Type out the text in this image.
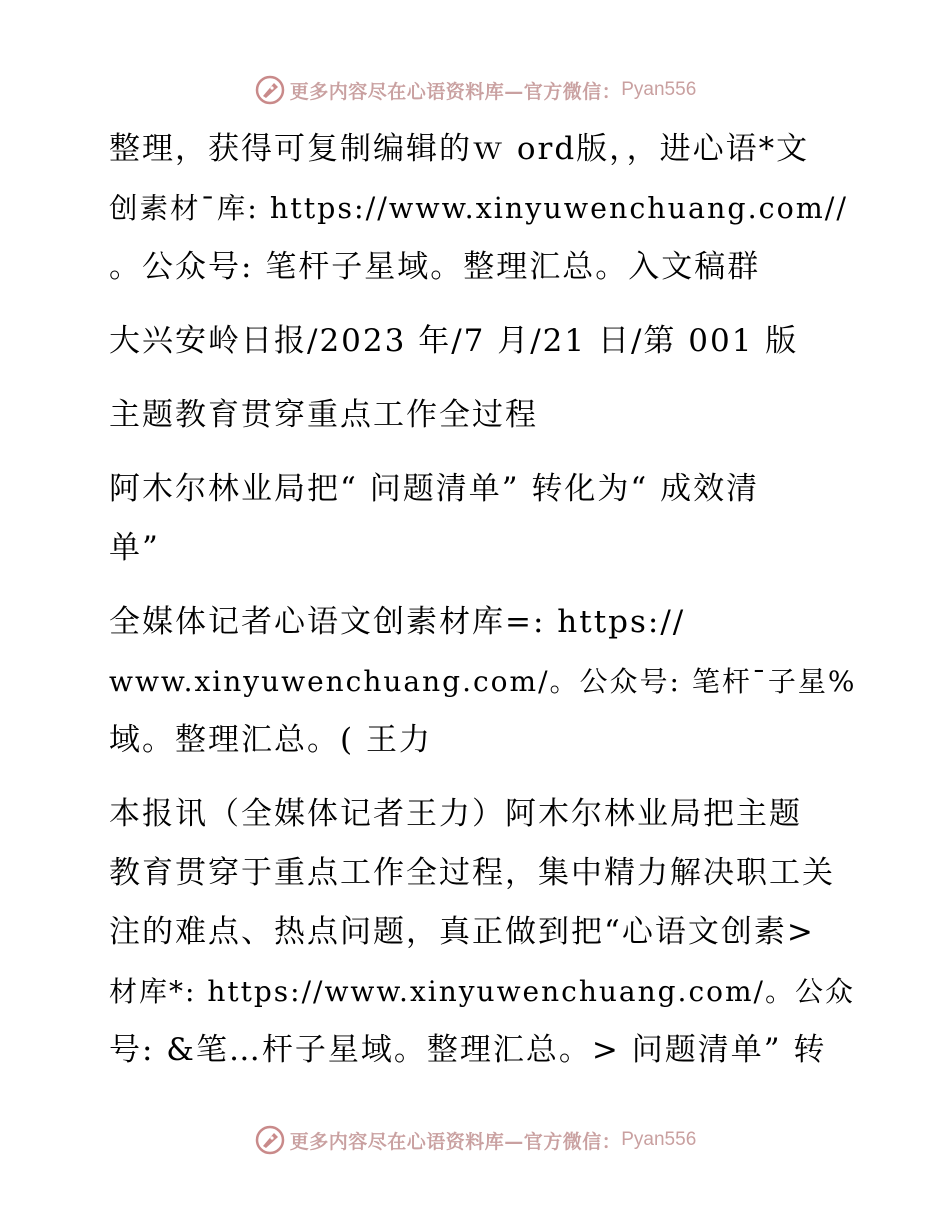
更多内容尽在心语资料库—官方微信： Pyan556

整理，获得可复制编辑的ｗ ord版，，进心语*文
创素材¯库: https://www.xinyuwenchuang.com//
。公众号: 笔杆子星域。整理汇总。入文稿群

大兴安岭日报/2023 年/7 月/21 日/第 001 版

主题教育贯穿重点工作全过程

阿木尔林业局把“ 问题清单” 转化为“ 成效清
单”

全媒体记者心语文创素材库=: https://
www.xinyuwenchuang.com/。公众号: 笔杆¯子星%
域。整理汇总。( 王力

本报讯（全媒体记者王力）阿木尔林业局把主题
教育贯穿于重点工作全过程，集中精力解决职工关
注的难点、热点问题，真正做到把“心语文创素>
材库*: https://www.xinyuwenchuang.com/。公众
号: &笔…杆子星域。整理汇总。> 问题清单” 转

更多内容尽在心语资料库—官方微信： Pyan556
